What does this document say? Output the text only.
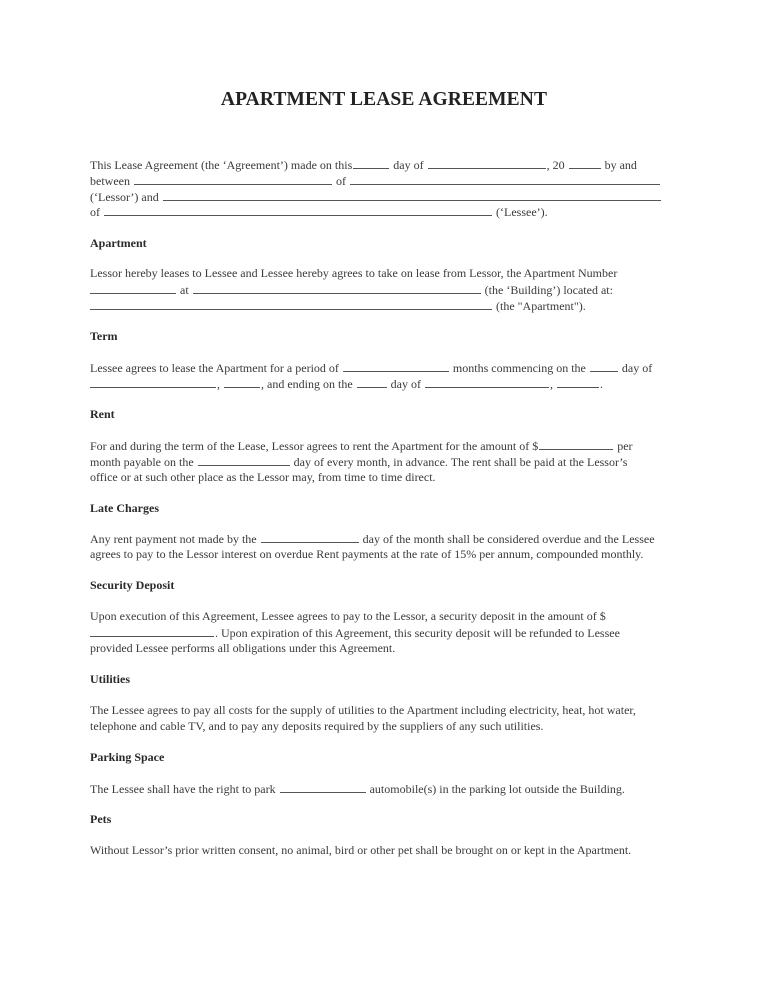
APARTMENT LEASE AGREEMENT
This Lease Agreement (the ‘Agreement’) made on this	day of	, 20	by and
between	of
(‘Lessor’) and
of	(‘Lessee’).
Apartment
Lessor hereby leases to Lessee and Lessee hereby agrees to take on lease from Lessor, the Apartment Number
at	(the ‘Building’) located at:
(the "Apartment").
Term
Lessee agrees to lease the Apartment for a period of	months commencing on the	day of
,	, and ending on the	day of	,	.
Rent
For and during the term of the Lease, Lessor agrees to rent the Apartment for the amount of $	per
month payable on the	day of every month, in advance. The rent shall be paid at the Lessor’s
office or at such other place as the Lessor may, from time to time direct.
Late Charges
Any rent payment not made by the	day of the month shall be considered overdue and the Lessee
agrees to pay to the Lessor interest on overdue Rent payments at the rate of 15% per annum, compounded monthly.
Security Deposit
Upon execution of this Agreement, Lessee agrees to pay to the Lessor, a security deposit in the amount of $
. Upon expiration of this Agreement, this security deposit will be refunded to Lessee
provided Lessee performs all obligations under this Agreement.
Utilities
The Lessee agrees to pay all costs for the supply of utilities to the Apartment including electricity, heat, hot water,
telephone and cable TV, and to pay any deposits required by the suppliers of any such utilities.
Parking Space
The Lessee shall have the right to park	automobile(s) in the parking lot outside the Building.
Pets
Without Lessor’s prior written consent, no animal, bird or other pet shall be brought on or kept in the Apartment.
